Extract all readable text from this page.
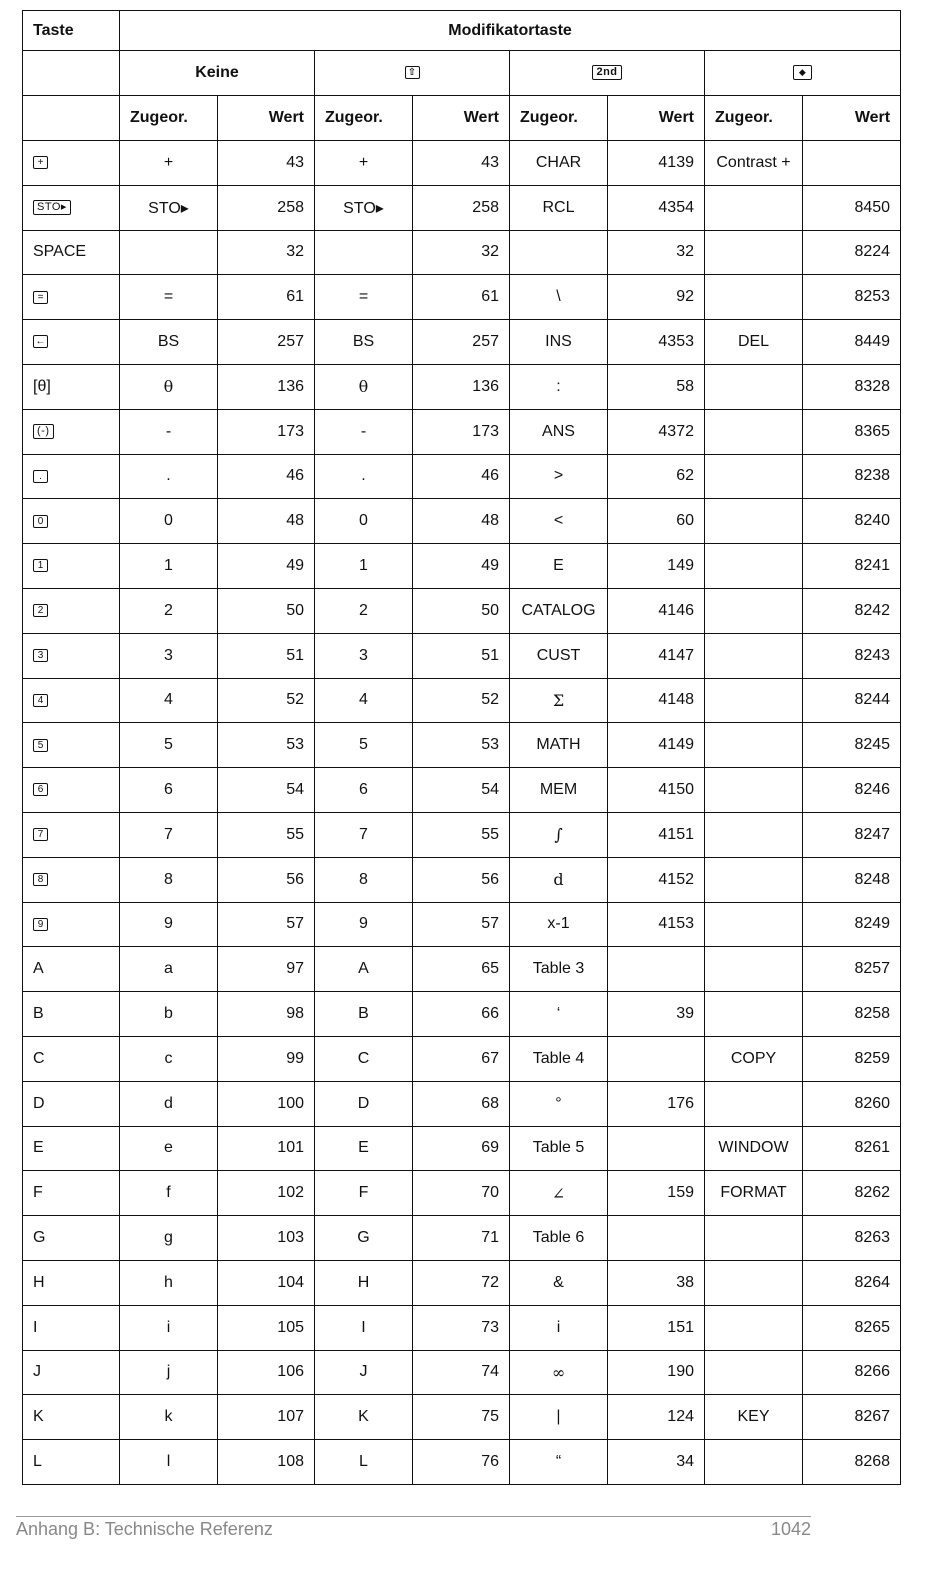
Taste	Modifikatortaste							
	Keine		⇧		2nd		◆	
	Zugeor.	Wert	Zugeor.	Wert	Zugeor.	Wert	Zugeor.	Wert
+	+	43	+	43	CHAR	4139	Contrast +	
STO▸	STO▸	258	STO▸	258	RCL	4354		8450
SPACE		32		32		32		8224
=	=	61	=	61	\	92		8253
←	BS	257	BS	257	INS	4353	DEL	8449
[θ]	θ	136	θ	136	:	58		8328
(-)	-	173	-	173	ANS	4372		8365
.	.	46	.	46	>	62		8238
0	0	48	0	48	<	60		8240
1	1	49	1	49	E	149		8241
2	2	50	2	50	CATALOG	4146		8242
3	3	51	3	51	CUST	4147		8243
4	4	52	4	52	Σ	4148		8244
5	5	53	5	53	MATH	4149		8245
6	6	54	6	54	MEM	4150		8246
7	7	55	7	55	∫	4151		8247
8	8	56	8	56	d	4152		8248
9	9	57	9	57	x-1	4153		8249
A	a	97	A	65	Table 3			8257
B	b	98	B	66	‘	39		8258
C	c	99	C	67	Table 4		COPY	8259
D	d	100	D	68	°	176		8260
E	e	101	E	69	Table 5		WINDOW	8261
F	f	102	F	70	∠	159	FORMAT	8262
G	g	103	G	71	Table 6			8263
H	h	104	H	72	&	38		8264
I	i	105	I	73	i	151		8265
J	j	106	J	74	∞	190		8266
K	k	107	K	75	|	124	KEY	8267
L	l	108	L	76	“	34		8268
Anhang B: Technische Referenz	1042
